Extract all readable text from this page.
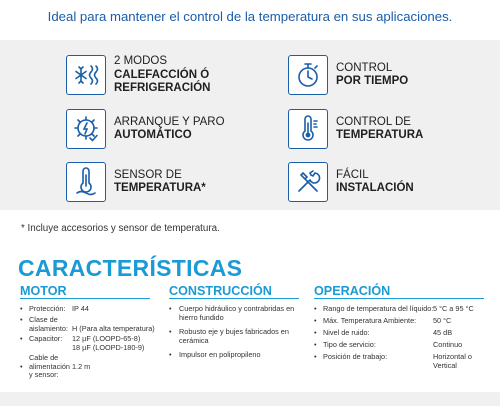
Ideal para mantener el control de la temperatura en sus aplicaciones.
2 MODOS
CALEFACCIÓN Ó
REFRIGERACIÓN
CONTROL
POR TIEMPO
ARRANQUE Y PARO
AUTOMÁTICO
CONTROL DE
TEMPERATURA
SENSOR DE
TEMPERATURA*
FÁCIL
INSTALACIÓN
* Incluye accesorios y sensor de temperatura.
CARACTERÍSTICAS
MOTOR	CONSTRUCCIÓN	OPERACIÓN
• Protección: IP 44
• Clase de
aislamiento: H (Para alta temperatura)
• Capacitor: 12 µF (LOOPD-65-8)
18 µF (LOOPD-180-9)
•
Cable de
alimentación
y sensor:
1.2 m
• Cuerpo hidráulico y contrabridas en
hierro fundido
• Robusto eje y bujes fabricados en
cerámica
• Impulsor en polipropileno
• Rango de temperatura del líquido: 5 °C a 95 °C
• Máx. Temperatura Ambiente: 50 °C
• Nivel de ruido:	45 dB
• Tipo de servicio:	Continuo
• Posición de trabajo:	Horizontal o
Vertical
